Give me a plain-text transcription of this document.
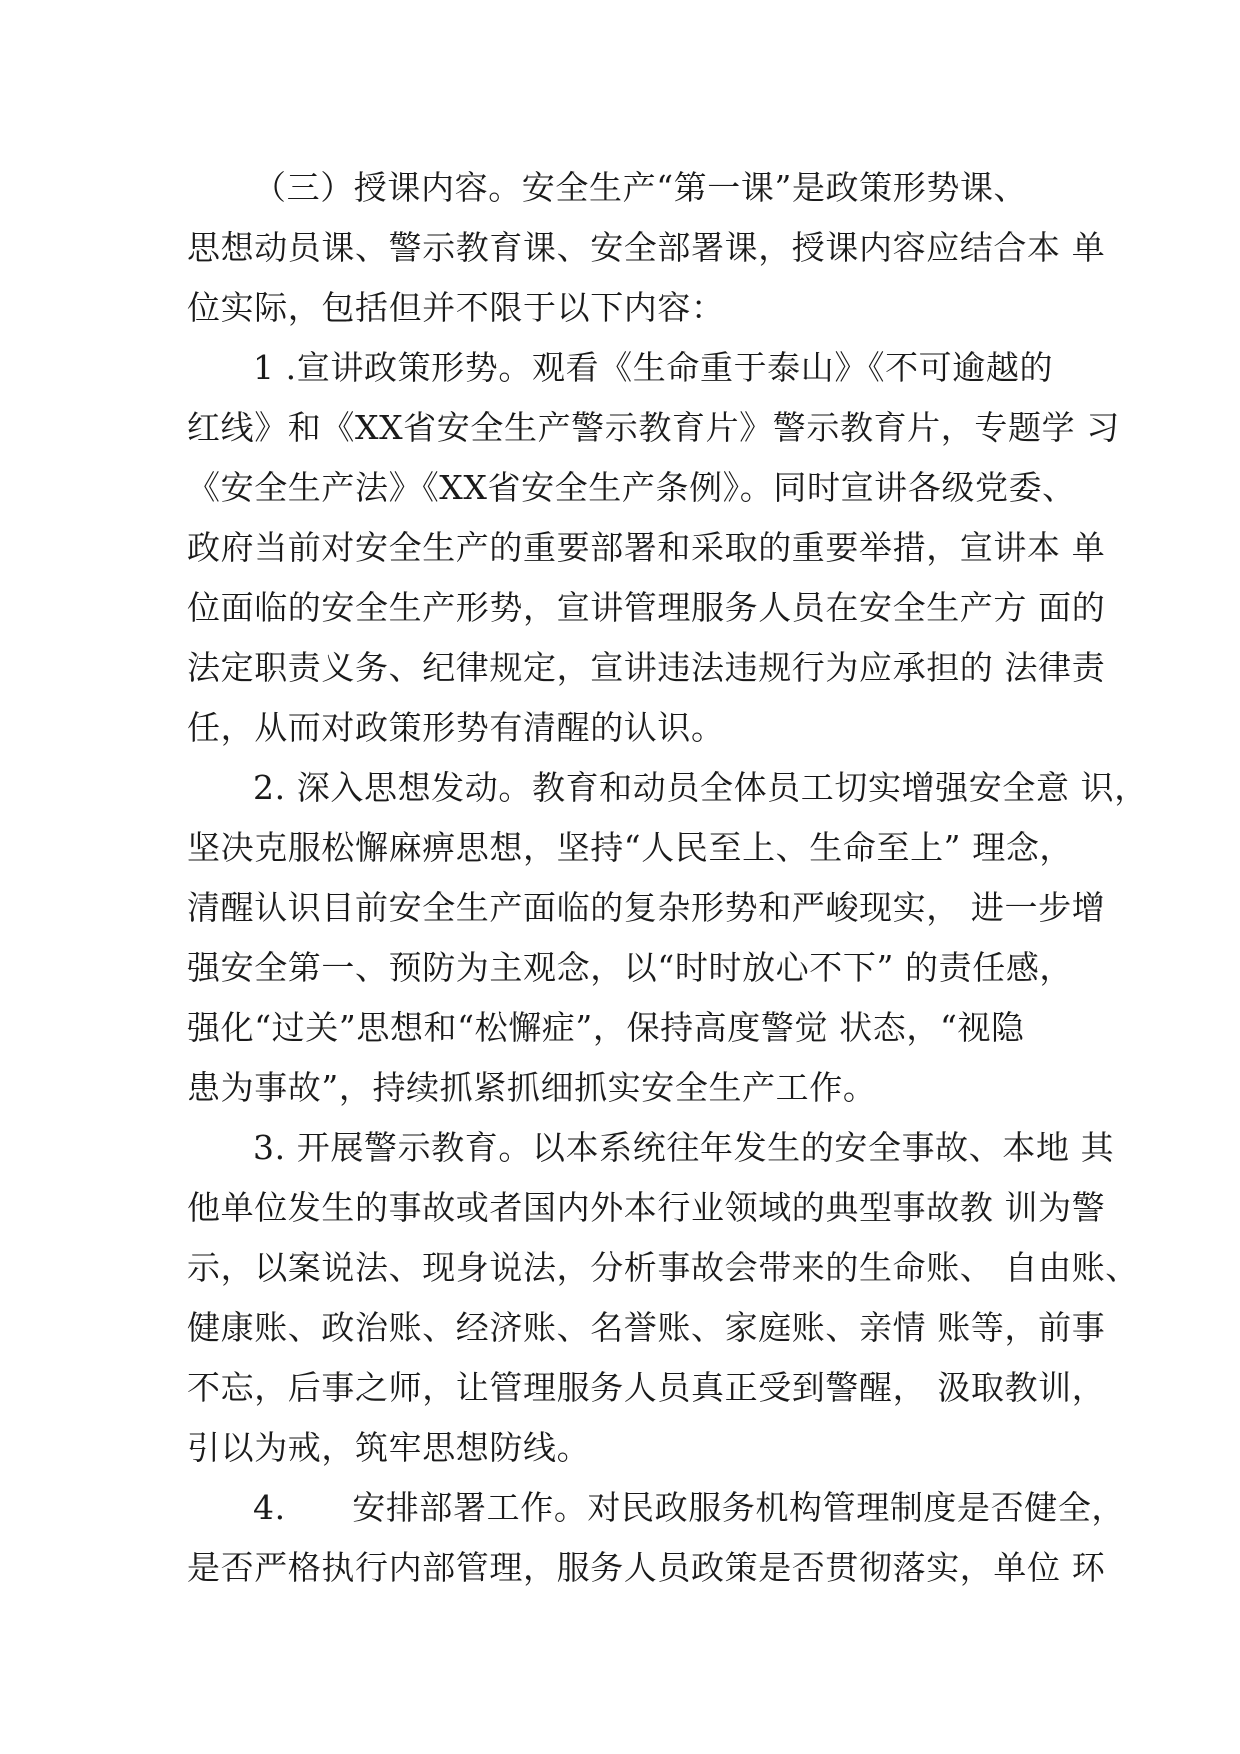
（三）授课内容。安全生产“第一课”是政策形势课、
思想动员课、警示教育课、安全部署课，授课内容应结合本 单
位实际，包括但并不限于以下内容：
1 .宣讲政策形势。观看《生命重于泰山》《不可逾越的
红线》和《XX省安全生产警示教育片》警示教育片，专题学 习
《安全生产法》《XX省安全生产条例》。同时宣讲各级党委、
政府当前对安全生产的重要部署和采取的重要举措，宣讲本 单
位面临的安全生产形势，宣讲管理服务人员在安全生产方 面的
法定职责义务、纪律规定，宣讲违法违规行为应承担的 法律责
任，从而对政策形势有清醒的认识。
2. 深入思想发动。教育和动员全体员工切实增强安全意 识，
坚决克服松懈麻痹思想，坚持“人民至上、生命至上” 理念，
清醒认识目前安全生产面临的复杂形势和严峻现实， 进一步增
强安全第一、预防为主观念，以“时时放心不下” 的责任感，
强化“过关”思想和“松懈症”，保持高度警觉 状态，“视隐
患为事故”，持续抓紧抓细抓实安全生产工作。
3. 开展警示教育。以本系统往年发生的安全事故、本地 其
他单位发生的事故或者国内外本行业领域的典型事故教 训为警
示，以案说法、现身说法，分析事故会带来的生命账、 自由账、
健康账、政治账、经济账、名誉账、家庭账、亲情 账等，前事
不忘，后事之师，让管理服务人员真正受到警醒， 汲取教训，
引以为戒，筑牢思想防线。
4.      安排部署工作。对民政服务机构管理制度是否健全，
是否严格执行内部管理，服务人员政策是否贯彻落实，单位 环
